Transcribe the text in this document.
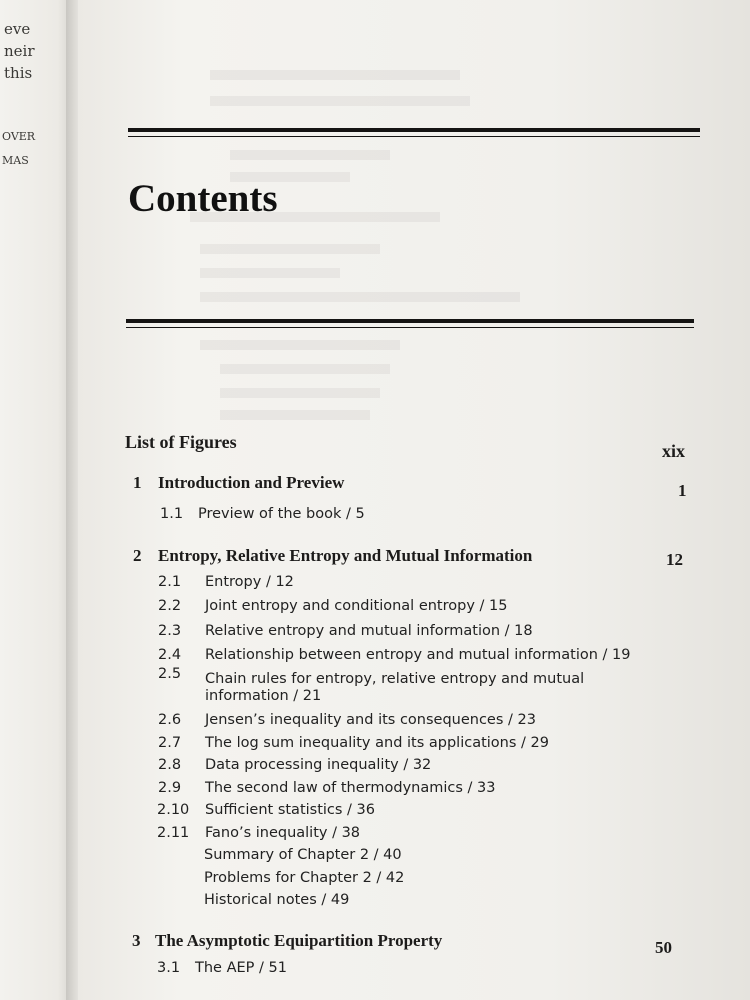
eve
neir
this
OVER
MAS
Contents
List of Figures	xix
1 Introduction and Preview	1
1.1 Preview of the book / 5
2 Entropy, Relative Entropy and Mutual Information	12
2.1 Entropy / 12
2.2 Joint entropy and conditional entropy / 15
2.3 Relative entropy and mutual information / 18
2.4 Relationship between entropy and mutual information / 19
2.5 Chain rules for entropy, relative entropy and mutual
information / 21
2.6 Jensen’s inequality and its consequences / 23
2.7 The log sum inequality and its applications / 29
2.8 Data processing inequality / 32
2.9 The second law of thermodynamics / 33
2.10 Sufficient statistics / 36
2.11 Fano’s inequality / 38
Summary of Chapter 2 / 40
Problems for Chapter 2 / 42
Historical notes / 49
3 The Asymptotic Equipartition Property	50
3.1 The AEP / 51
